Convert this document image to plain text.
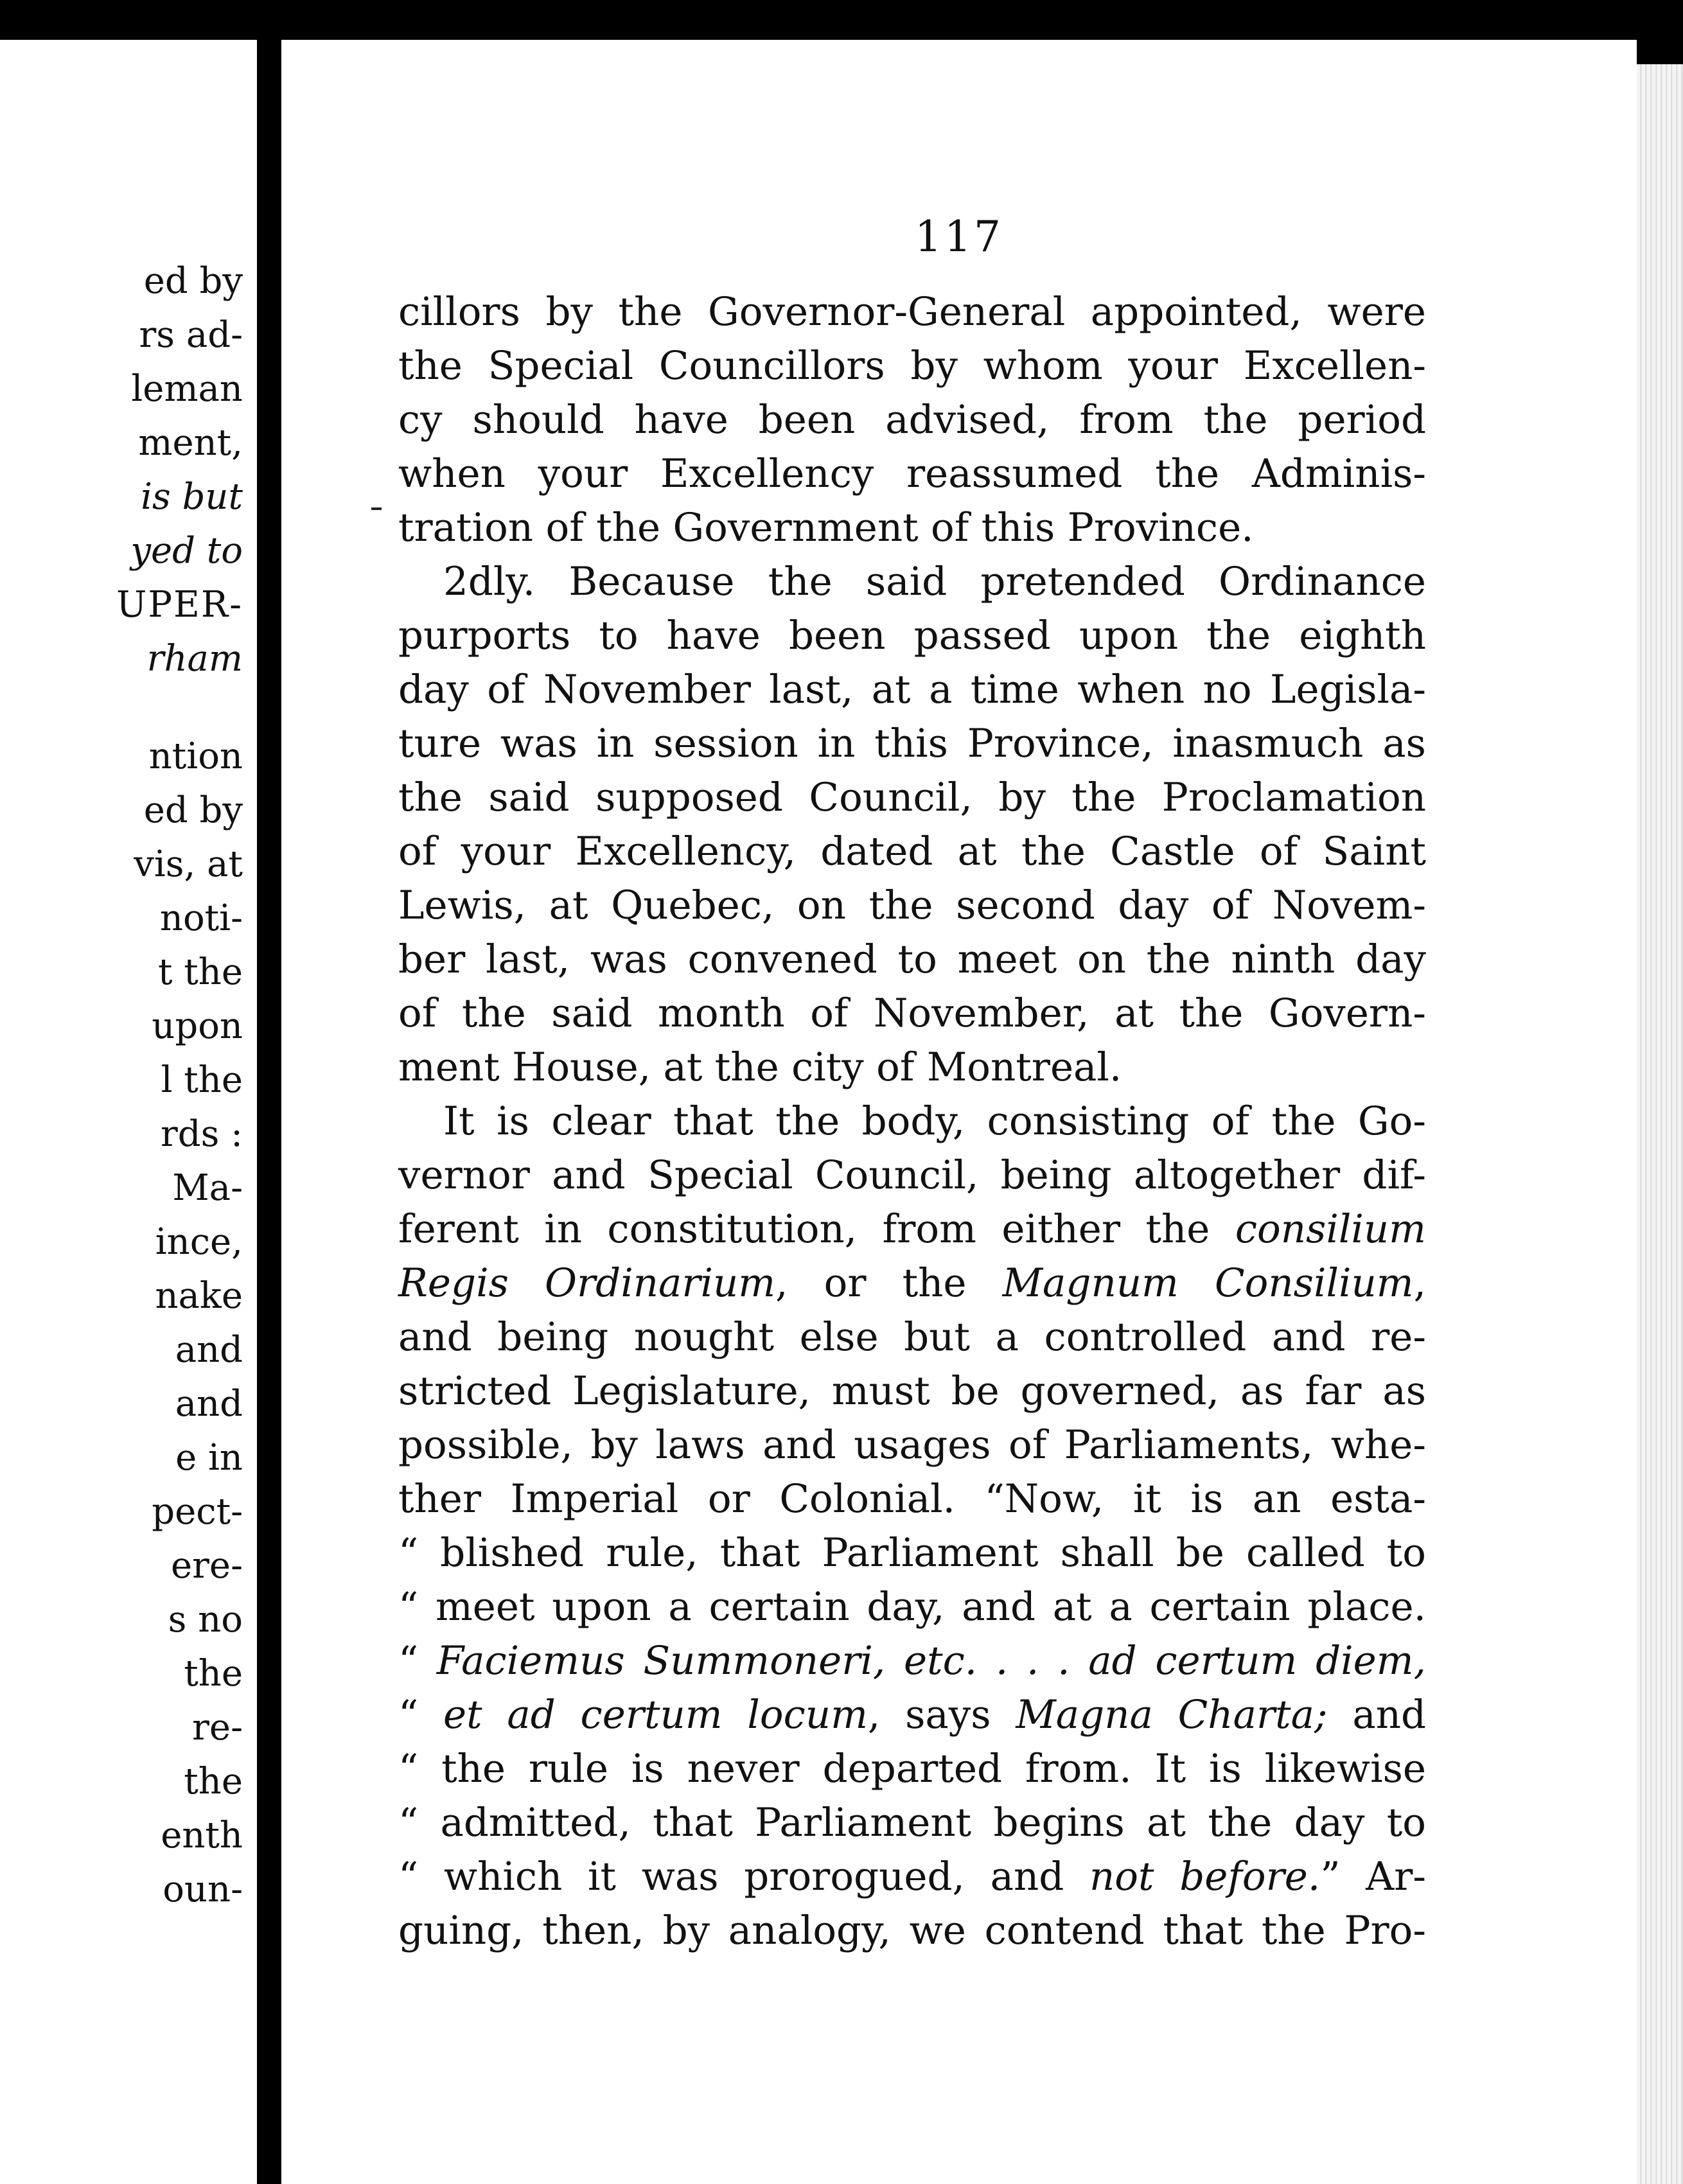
ed by
rs ad-
leman
ment,
is but
yed to
UPER-
rham
ntion
ed by
vis, at
noti-
t the
upon
l the
rds :
Ma-
ince,
nake
and
and
e in
pect-
ere-
s no
the
re-
the
enth
oun-
117
cillors by the Governor-General appointed, were
the Special Councillors by whom your Excellen-
cy should have been advised, from the period
when your Excellency reassumed the Adminis-
tration of the Government of this Province.
2dly. Because the said pretended Ordinance
purports to have been passed upon the eighth
day of November last, at a time when no Legisla-
ture was in session in this Province, inasmuch as
the said supposed Council, by the Proclamation
of your Excellency, dated at the Castle of Saint
Lewis, at Quebec, on the second day of Novem-
ber last, was convened to meet on the ninth day
of the said month of November, at the Govern-
ment House, at the city of Montreal.
It is clear that the body, consisting of the Go-
vernor and Special Council, being altogether dif-
ferent in constitution, from either the consilium
Regis Ordinarium, or the Magnum Consilium,
and being nought else but a controlled and re-
stricted Legislature, must be governed, as far as
possible, by laws and usages of Parliaments, whe-
ther Imperial or Colonial. “Now, it is an esta-
“ blished rule, that Parliament shall be called to
“ meet upon a certain day, and at a certain place.
“ Faciemus Summoneri, etc. . . . ad certum diem,
“ et ad certum locum, says Magna Charta; and
“ the rule is never departed from. It is likewise
“ admitted, that Parliament begins at the day to
“ which it was prorogued, and not before.” Ar-
guing, then, by analogy, we contend that the Pro-
